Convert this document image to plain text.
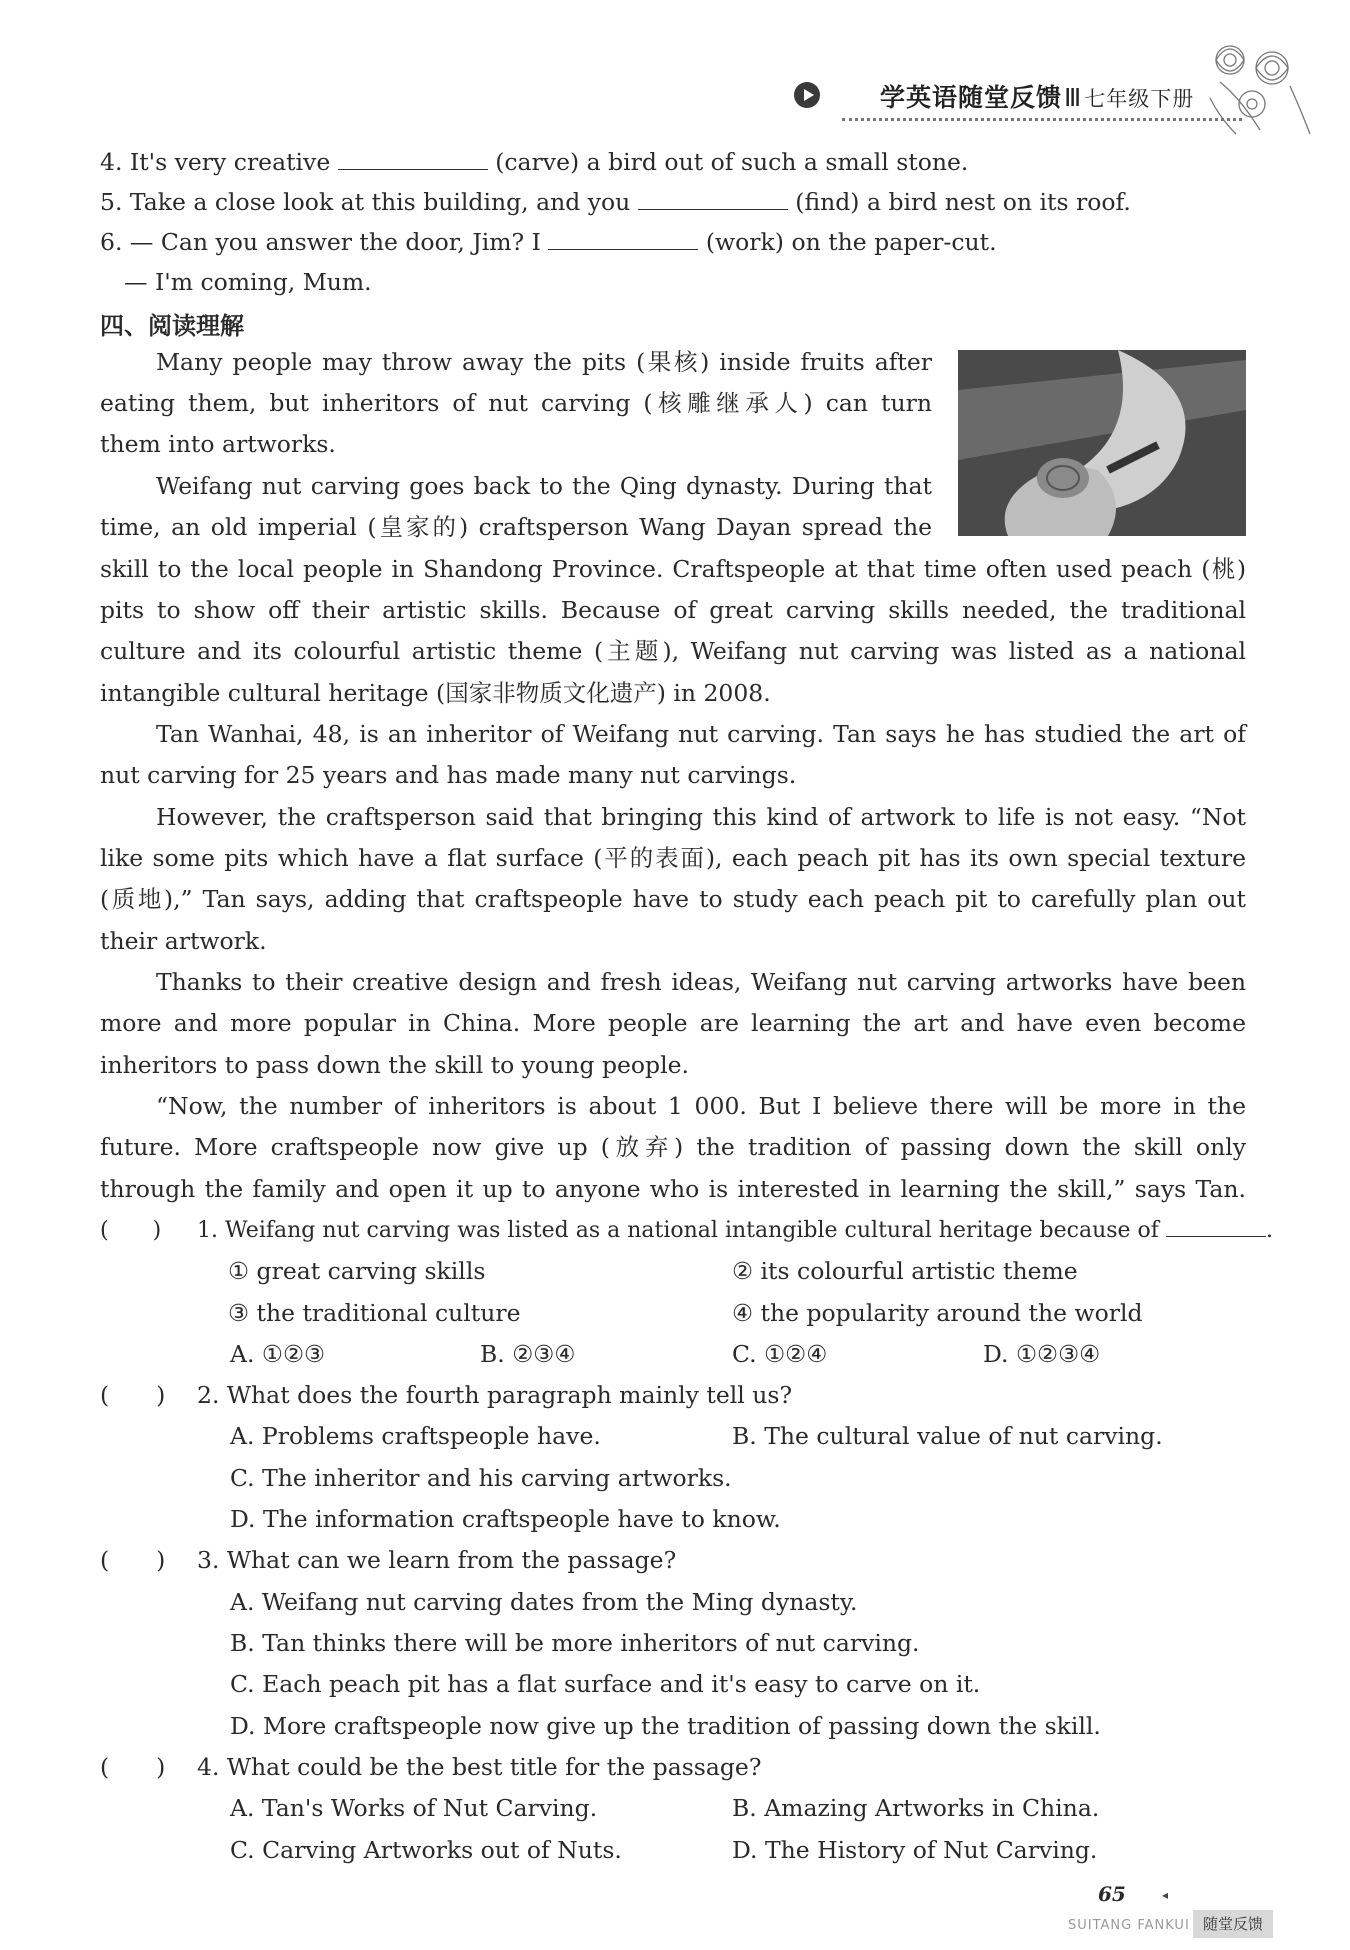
学英语随堂反馈Ⅲ七年级下册
4. It's very creative	(carve) a bird out of such a small stone.
5. Take a close look at this building, and you	(find) a bird nest on its roof.
6. — Can you answer the door, Jim? I	(work) on the paper-cut.
— I'm coming, Mum.
四、阅读理解
Many people may throw away the pits (果核) inside fruits after
eating them, but inheritors of nut carving (核雕继承人) can turn
them into artworks.
Weifang nut carving goes back to the Qing dynasty. During that
time, an old imperial (皇家的) craftsperson Wang Dayan spread the
skill to the local people in Shandong Province. Craftspeople at that time often used peach (桃)
pits to show off their artistic skills. Because of great carving skills needed, the traditional
culture and its colourful artistic theme (主题), Weifang nut carving was listed as a national
intangible cultural heritage (国家非物质文化遗产) in 2008.
Tan Wanhai, 48, is an inheritor of Weifang nut carving. Tan says he has studied the art of
nut carving for 25 years and has made many nut carvings.
However, the craftsperson said that bringing this kind of artwork to life is not easy. “Not
like some pits which have a flat surface (平的表面), each peach pit has its own special texture
(质地),” Tan says, adding that craftspeople have to study each peach pit to carefully plan out
their artwork.
Thanks to their creative design and fresh ideas, Weifang nut carving artworks have been
more and more popular in China. More people are learning the art and have even become
inheritors to pass down the skill to young people.
“Now, the number of inheritors is about 1 000. But I believe there will be more in the
future. More craftspeople now give up (放弃) the tradition of passing down the skill only
through the family and open it up to anyone who is interested in learning the skill,” says Tan.
(　　) 1. Weifang nut carving was listed as a national intangible cultural heritage because of	.
① great carving skills	② its colourful artistic theme
③ the traditional culture	④ the popularity around the world
A. ①②③	B. ②③④	C. ①②④	D. ①②③④
(　　) 2. What does the fourth paragraph mainly tell us?
A. Problems craftspeople have.	B. The cultural value of nut carving.
C. The inheritor and his carving artworks.
D. The information craftspeople have to know.
(　　) 3. What can we learn from the passage?
A. Weifang nut carving dates from the Ming dynasty.
B. Tan thinks there will be more inheritors of nut carving.
C. Each peach pit has a flat surface and it's easy to carve on it.
D. More craftspeople now give up the tradition of passing down the skill.
(　　) 4. What could be the best title for the passage?
A. Tan's Works of Nut Carving.	B. Amazing Artworks in China.
C. Carving Artworks out of Nuts.	D. The History of Nut Carving.
65	◂
SUITANG FANKUI 随堂反馈
